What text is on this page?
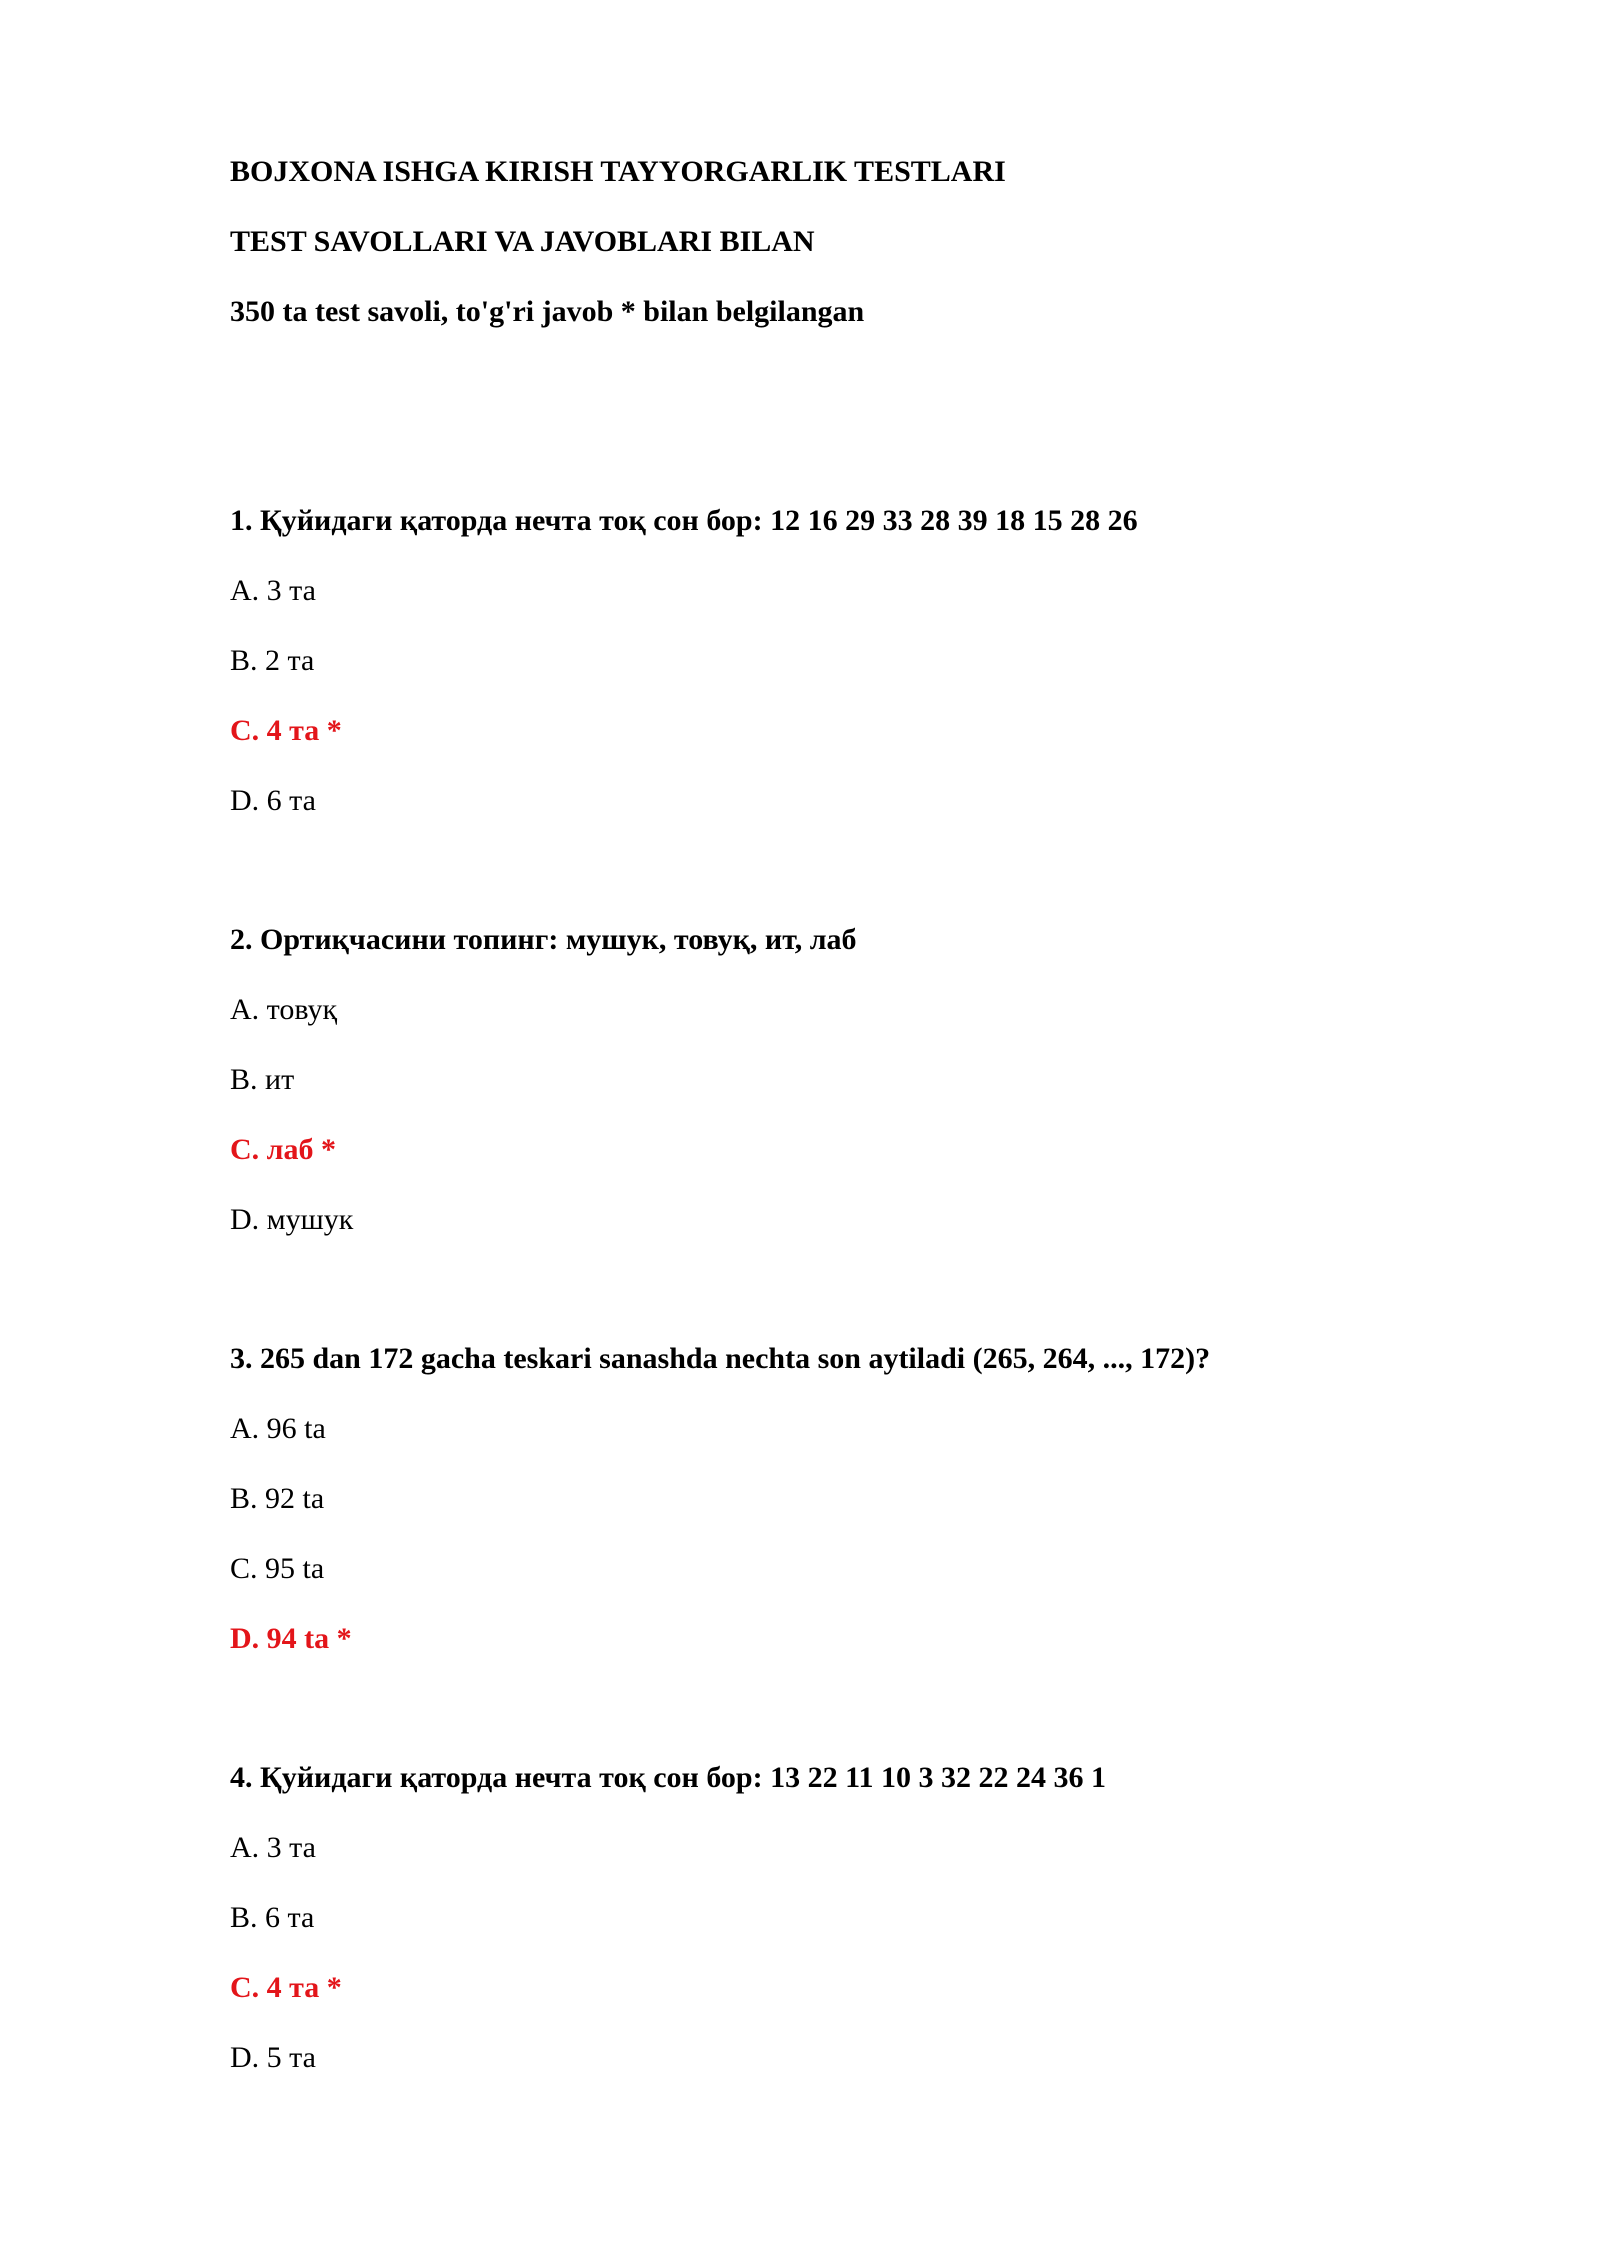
BOJXONA ISHGA KIRISH TAYYORGARLIK TESTLARI

TEST SAVOLLARI VA JAVOBLARI BILAN

350 ta test savoli, to'g'ri javob * bilan belgilangan

1. Қуйидаги қаторда нечта тоқ сон бор: 12 16 29 33 28 39 18 15 28 26

A. 3 та

B. 2 та

C. 4 та *

D. 6 та

2. Ортиқчасини топинг: мушук, товуқ, ит, лаб

A. товуқ

B. ит

C. лаб *

D. мушук

3. 265 dan 172 gacha teskari sanashda nechta son aytiladi (265, 264, ..., 172)?

A. 96 ta

B. 92 ta

C. 95 ta

D. 94 ta *

4. Қуйидаги қаторда нечта тоқ сон бор: 13 22 11 10 3 32 22 24 36 1

A. 3 та

B. 6 та

C. 4 та *

D. 5 та
